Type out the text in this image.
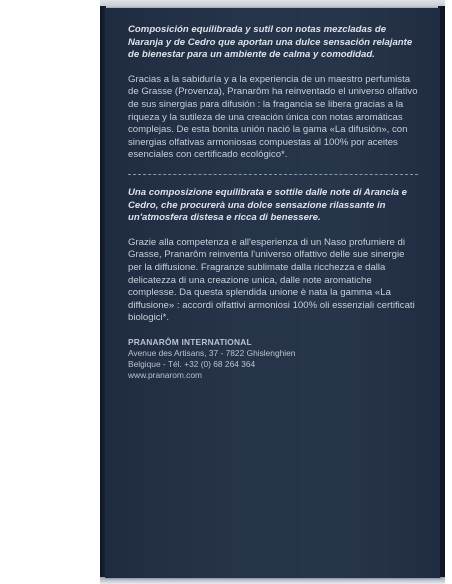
Composición equilibrada y sutil con notas mezcladas de Naranja y de Cedro que aportan una dulce sensación relajante de bienestar para un ambiente de calma y comodidad.

Gracias a la sabiduría y a la experiencia de un maestro perfumista de Grasse (Provenza), Pranarôm ha reinventado el universo olfativo de sus sinergias para difusión : la fragancia se libera gracias a la riqueza y la sutileza de una creación única con notas aromáticas complejas. De esta bonita unión nació la gama «La difusión», con sinergias olfativas armoniosas compuestas al 100% por aceites esenciales con certificado ecológico*.

Una composizione equilibrata e sottile dalle note di Arancia e Cedro, che procurerà una dolce sensazione rilassante in un'atmosfera distesa e ricca di benessere.

Grazie alla competenza e all'esperienza di un Naso profumiere di Grasse, Pranarôm reinventa l'universo olfattivo delle sue sinergie per la diffusione. Fragranze sublimate dalla ricchezza e dalla delicatezza di una creazione unica, dalle note aromatiche complesse. Da questa splendida unione è nata la gamma «La diffusione» : accordi olfattivi armoniosi 100% oli essenziali certificati biologici*.

PRANARÔM INTERNATIONAL
Avenue des Artisans, 37 - 7822 Ghislenghien
Belgique - Tél. +32 (0) 68 264 364
www.pranarom.com
